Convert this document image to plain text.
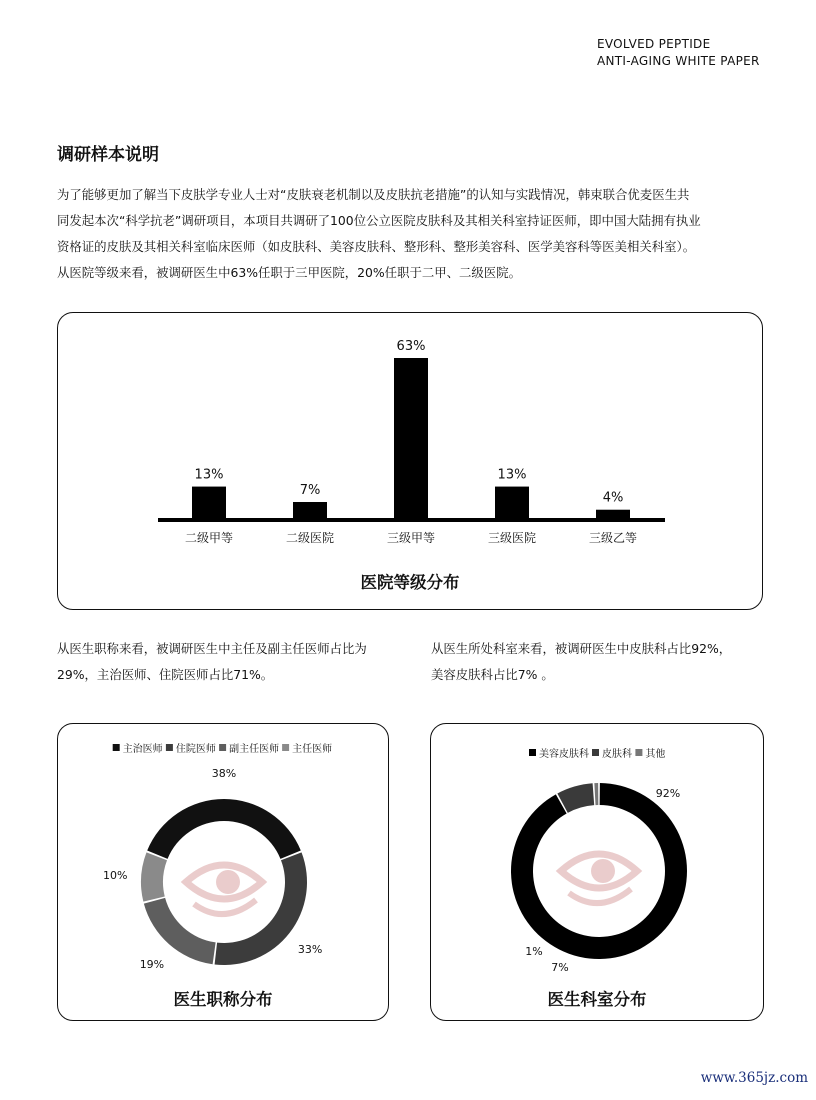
EVOLVED PEPTIDE
ANTI-AGING WHITE PAPER
调研样本说明

为了能够更加了解当下皮肤学专业人士对“皮肤衰老机制以及皮肤抗老措施”的认知与实践情况，韩束联合优麦医生共

同发起本次“科学抗老”调研项目，本项目共调研了100位公立医院皮肤科及其相关科室持证医师，即中国大陆拥有执业

资格证的皮肤及其相关科室临床医师（如皮肤科、美容皮肤科、整形科、整形美容科、医学美容科等医美相关科室）。

从医院等级来看，被调研医生中63%任职于三甲医院，20%任职于二甲、二级医院。

13%
二级甲等
7%
二级医院
63%
三级甲等
13%
三级医院
4%
三级乙等
医院等级分布

从医生职称来看，被调研医生中主任及副主任医师占比为

29%，主治医师、住院医师占比71%。

从医生所处科室来看，被调研医生中皮肤科占比92%，

美容皮肤科占比7% 。

主治医师 住院医师 副主任医师 主任医师
38%
33%
19%
10%
医生职称分布
美容皮肤科 皮肤科 其他
92%
7%
1%
医生科室分布
www.365jz.com
